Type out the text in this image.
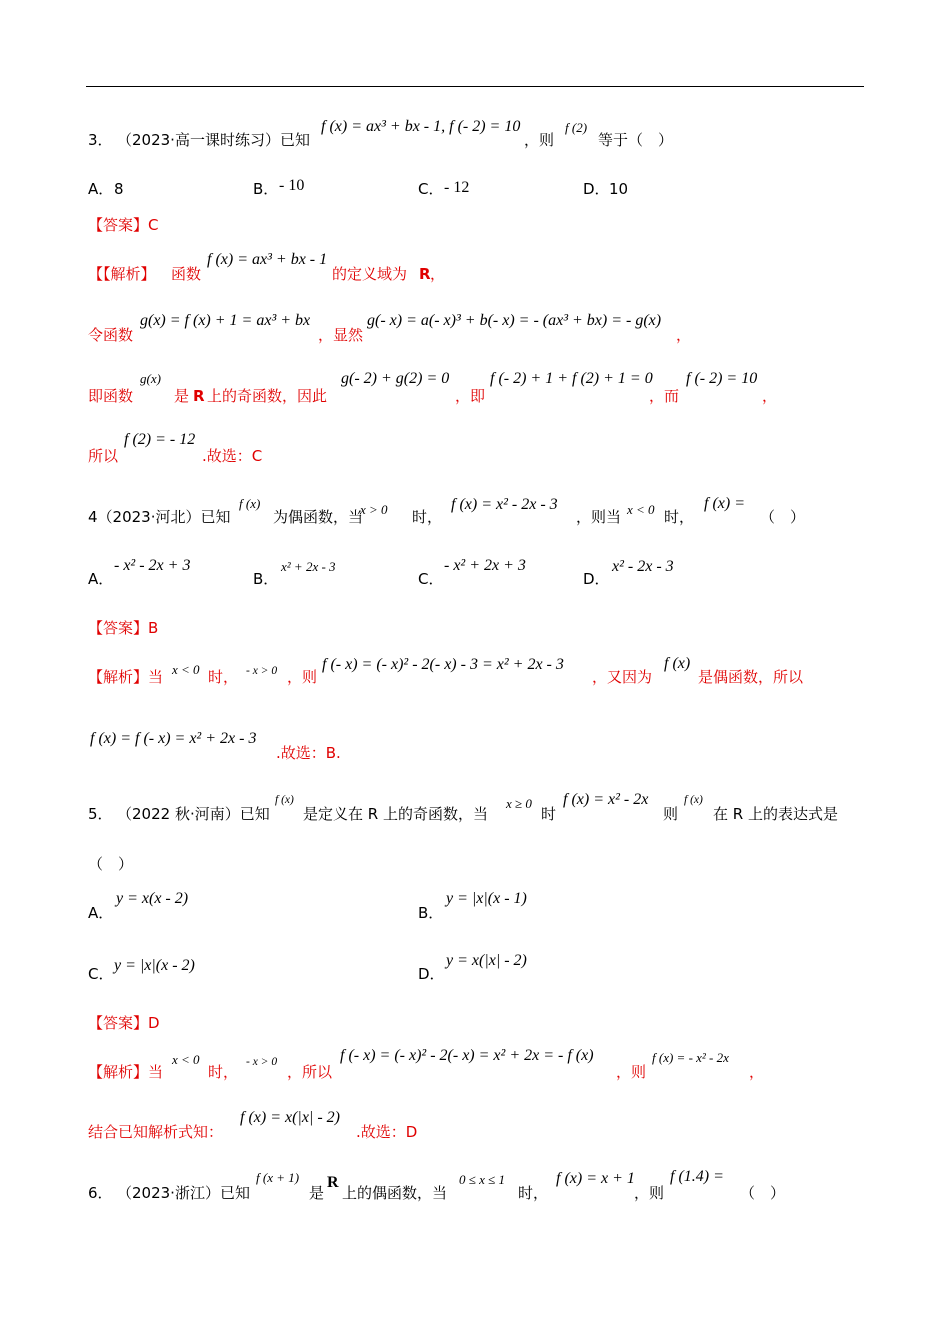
3． （2023·高一课时练习）已知
f (x) = ax³ + bx - 1, f (- 2) = 10
，则
f (2)
等于（　）
A． 8	B． - 10	C． - 12	D． 10
【答案】C
【【解析】 函数
f (x) = ax³ + bx - 1
的定义域为 R ，
令函数
g(x) = f (x) + 1 = ax³ + bx
，显然
g(- x) = a(- x)³ + b(- x) = - (ax³ + bx) = - g(x)
，
即函数
g(x)
是 R 上的奇函数，因此
g(- 2) + g(2) = 0
，即
f (- 2) + 1 + f (2) + 1 = 0
，而
f (- 2) = 10
，
所以
f (2) = - 12
.故选：C
4（2023·河北）已知
f (x)
为偶函数，当
x > 0 时，
f (x) = x² - 2x - 3
，则当 x < 0 时，
f (x) =
（　）
A．
- x² - 2x + 3
B．
x² + 2x - 3
C．
- x² + 2x + 3
D．
x² - 2x - 3
【答案】B
【解析】当 x < 0 时， - x > 0 ，则
f (- x) = (- x)² - 2(- x) - 3 = x² + 2x - 3
，又因为
f (x)
是偶函数，所以
f (x) = f (- x) = x² + 2x - 3
.故选：B.
5． （2022 秋·河南）已知
f (x)
是定义在 R 上的奇函数，当
x ≥ 0
时
f (x) = x² - 2x
则
f (x)
在 R 上的表达式是
（　）
A．
y = x(x - 2)
B．
y = |x|(x - 1)
C． y = |x|(x - 2)	D．
y = x(|x| - 2)
【答案】D
【解析】当
x < 0
时，
- x > 0
，所以
f (- x) = (- x)² - 2(- x) = x² + 2x = - f (x)
，则
f (x) = - x² - 2x
，
结合已知解析式知：
f (x) = x(|x| - 2)
.故选：D
6． （2023·浙江）已知
f (x + 1)
是
R
上的偶函数，当
0 ≤ x ≤ 1
时，
f (x) = x + 1
，则
f (1.4) =
（　）
